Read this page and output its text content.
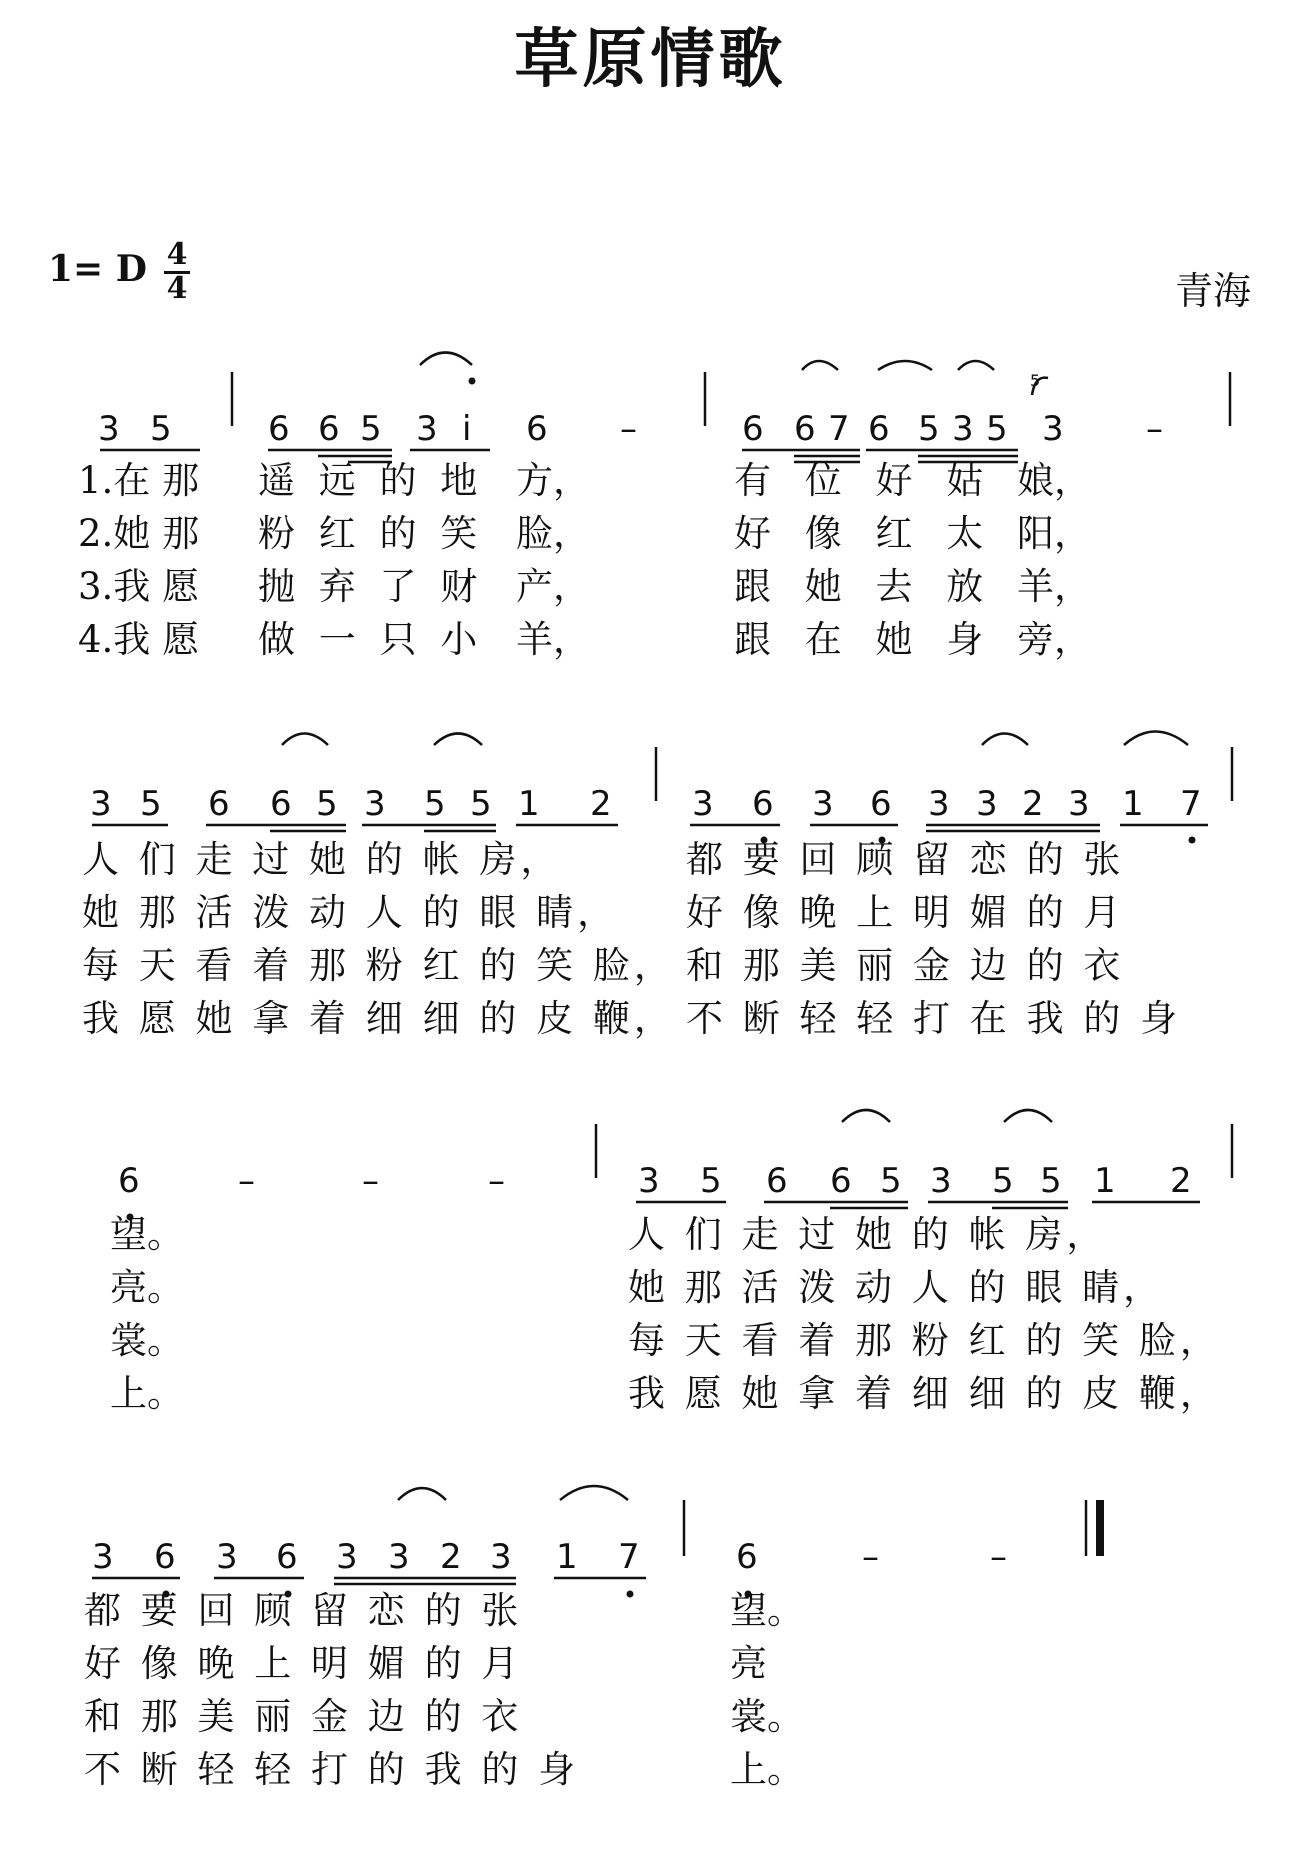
草原情歌
1= D 4
4	青海
3 5	6 6 5 3 i 6 –	6 6 7 6 5 3 5 3 –
5
1.在 那
2.她 那
3.我 愿
4.我 愿
遥 远 的 地
粉 红 的 笑
抛 弃 了 财
做 一 只 小
方，
脸，
产，
羊，
有 位 好 姑 娘，
好 像 红 太 阳，
跟 她 去 放 羊，
跟 在 她 身 旁，
3 5 6 6 5 3 5 5 1 2 3 6 3 6 3 3 2 3 1 7
人 们 走 过 她 的 帐 房，
她 那 活 泼 动 人 的 眼 睛，
每 天 看 着 那 粉 红 的 笑 脸，
我 愿 她 拿 着 细 细 的 皮 鞭，
都 要 回 顾 留 恋 的 张
好 像 晚 上 明 媚 的 月
和 那 美 丽 金 边 的 衣
不 断 轻 轻 打 在 我 的 身
6	–	–	–	3 5 6 6 5 3 5 5 1 2
望。
亮。
裳。
上。
人 们 走 过 她 的 帐 房，
她 那 活 泼 动 人 的 眼 睛，
每 天 看 着 那 粉 红 的 笑 脸，
我 愿 她 拿 着 细 细 的 皮 鞭，
3 6 3 6 3 3 2 3 1 7	6	–	–
都 要 回 顾 留 恋 的 张
好 像 晚 上 明 媚 的 月
和 那 美 丽 金 边 的 衣
不 断 轻 轻 打 的 我 的 身
望。
亮
裳。
上。
